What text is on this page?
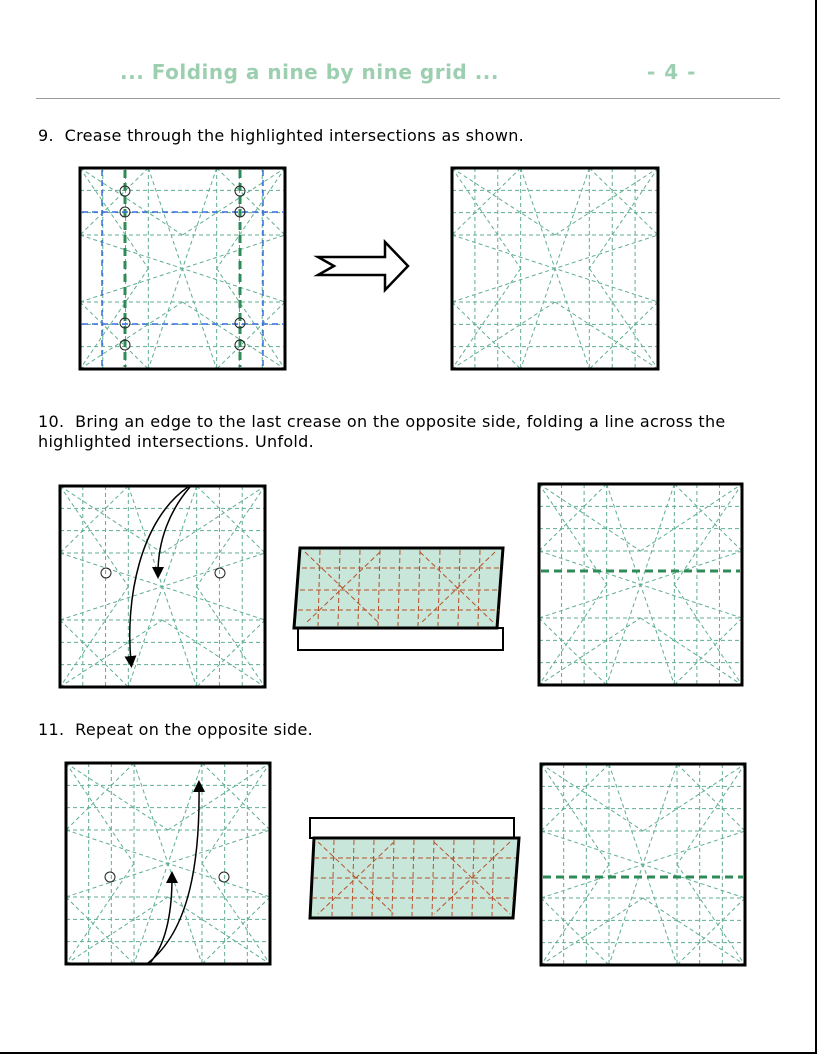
... Folding a nine by nine grid ...	- 4 -

9. Crease through the highlighted intersections as shown.

10. Bring an edge to the last crease on the opposite side, folding a line across the highlighted intersections. Unfold.

11. Repeat on the opposite side.
